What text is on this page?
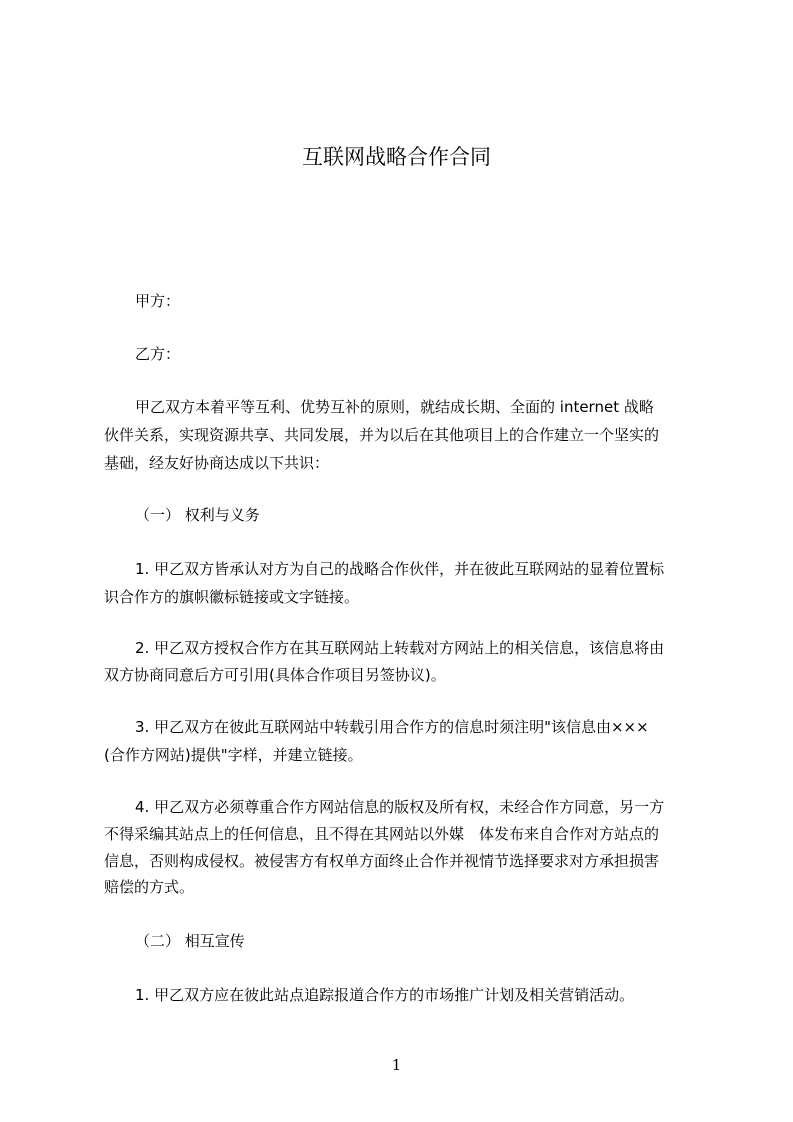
互联网战略合作合同
甲方：
乙方：
甲乙双方本着平等互利、优势互补的原则，就结成长期、全面的 internet 战略
伙伴关系，实现资源共享、共同发展，并为以后在其他项目上的合作建立一个坚实的
基础，经友好协商达成以下共识：
（一） 权利与义务
1. 甲乙双方皆承认对方为自己的战略合作伙伴，并在彼此互联网站的显着位置标
识合作方的旗帜徽标链接或文字链接。
2. 甲乙双方授权合作方在其互联网站上转载对方网站上的相关信息，该信息将由
双方协商同意后方可引用(具体合作项目另签协议)。
3. 甲乙双方在彼此互联网站中转载引用合作方的信息时须注明"该信息由×××
(合作方网站)提供"字样，并建立链接。
4. 甲乙双方必须尊重合作方网站信息的版权及所有权，未经合作方同意，另一方
不得采编其站点上的任何信息，且不得在其网站以外媒　体发布来自合作对方站点的
信息，否则构成侵权。被侵害方有权单方面终止合作并视情节选择要求对方承担损害
赔偿的方式。
（二） 相互宣传
1. 甲乙双方应在彼此站点追踪报道合作方的市场推广计划及相关营销活动。
1
